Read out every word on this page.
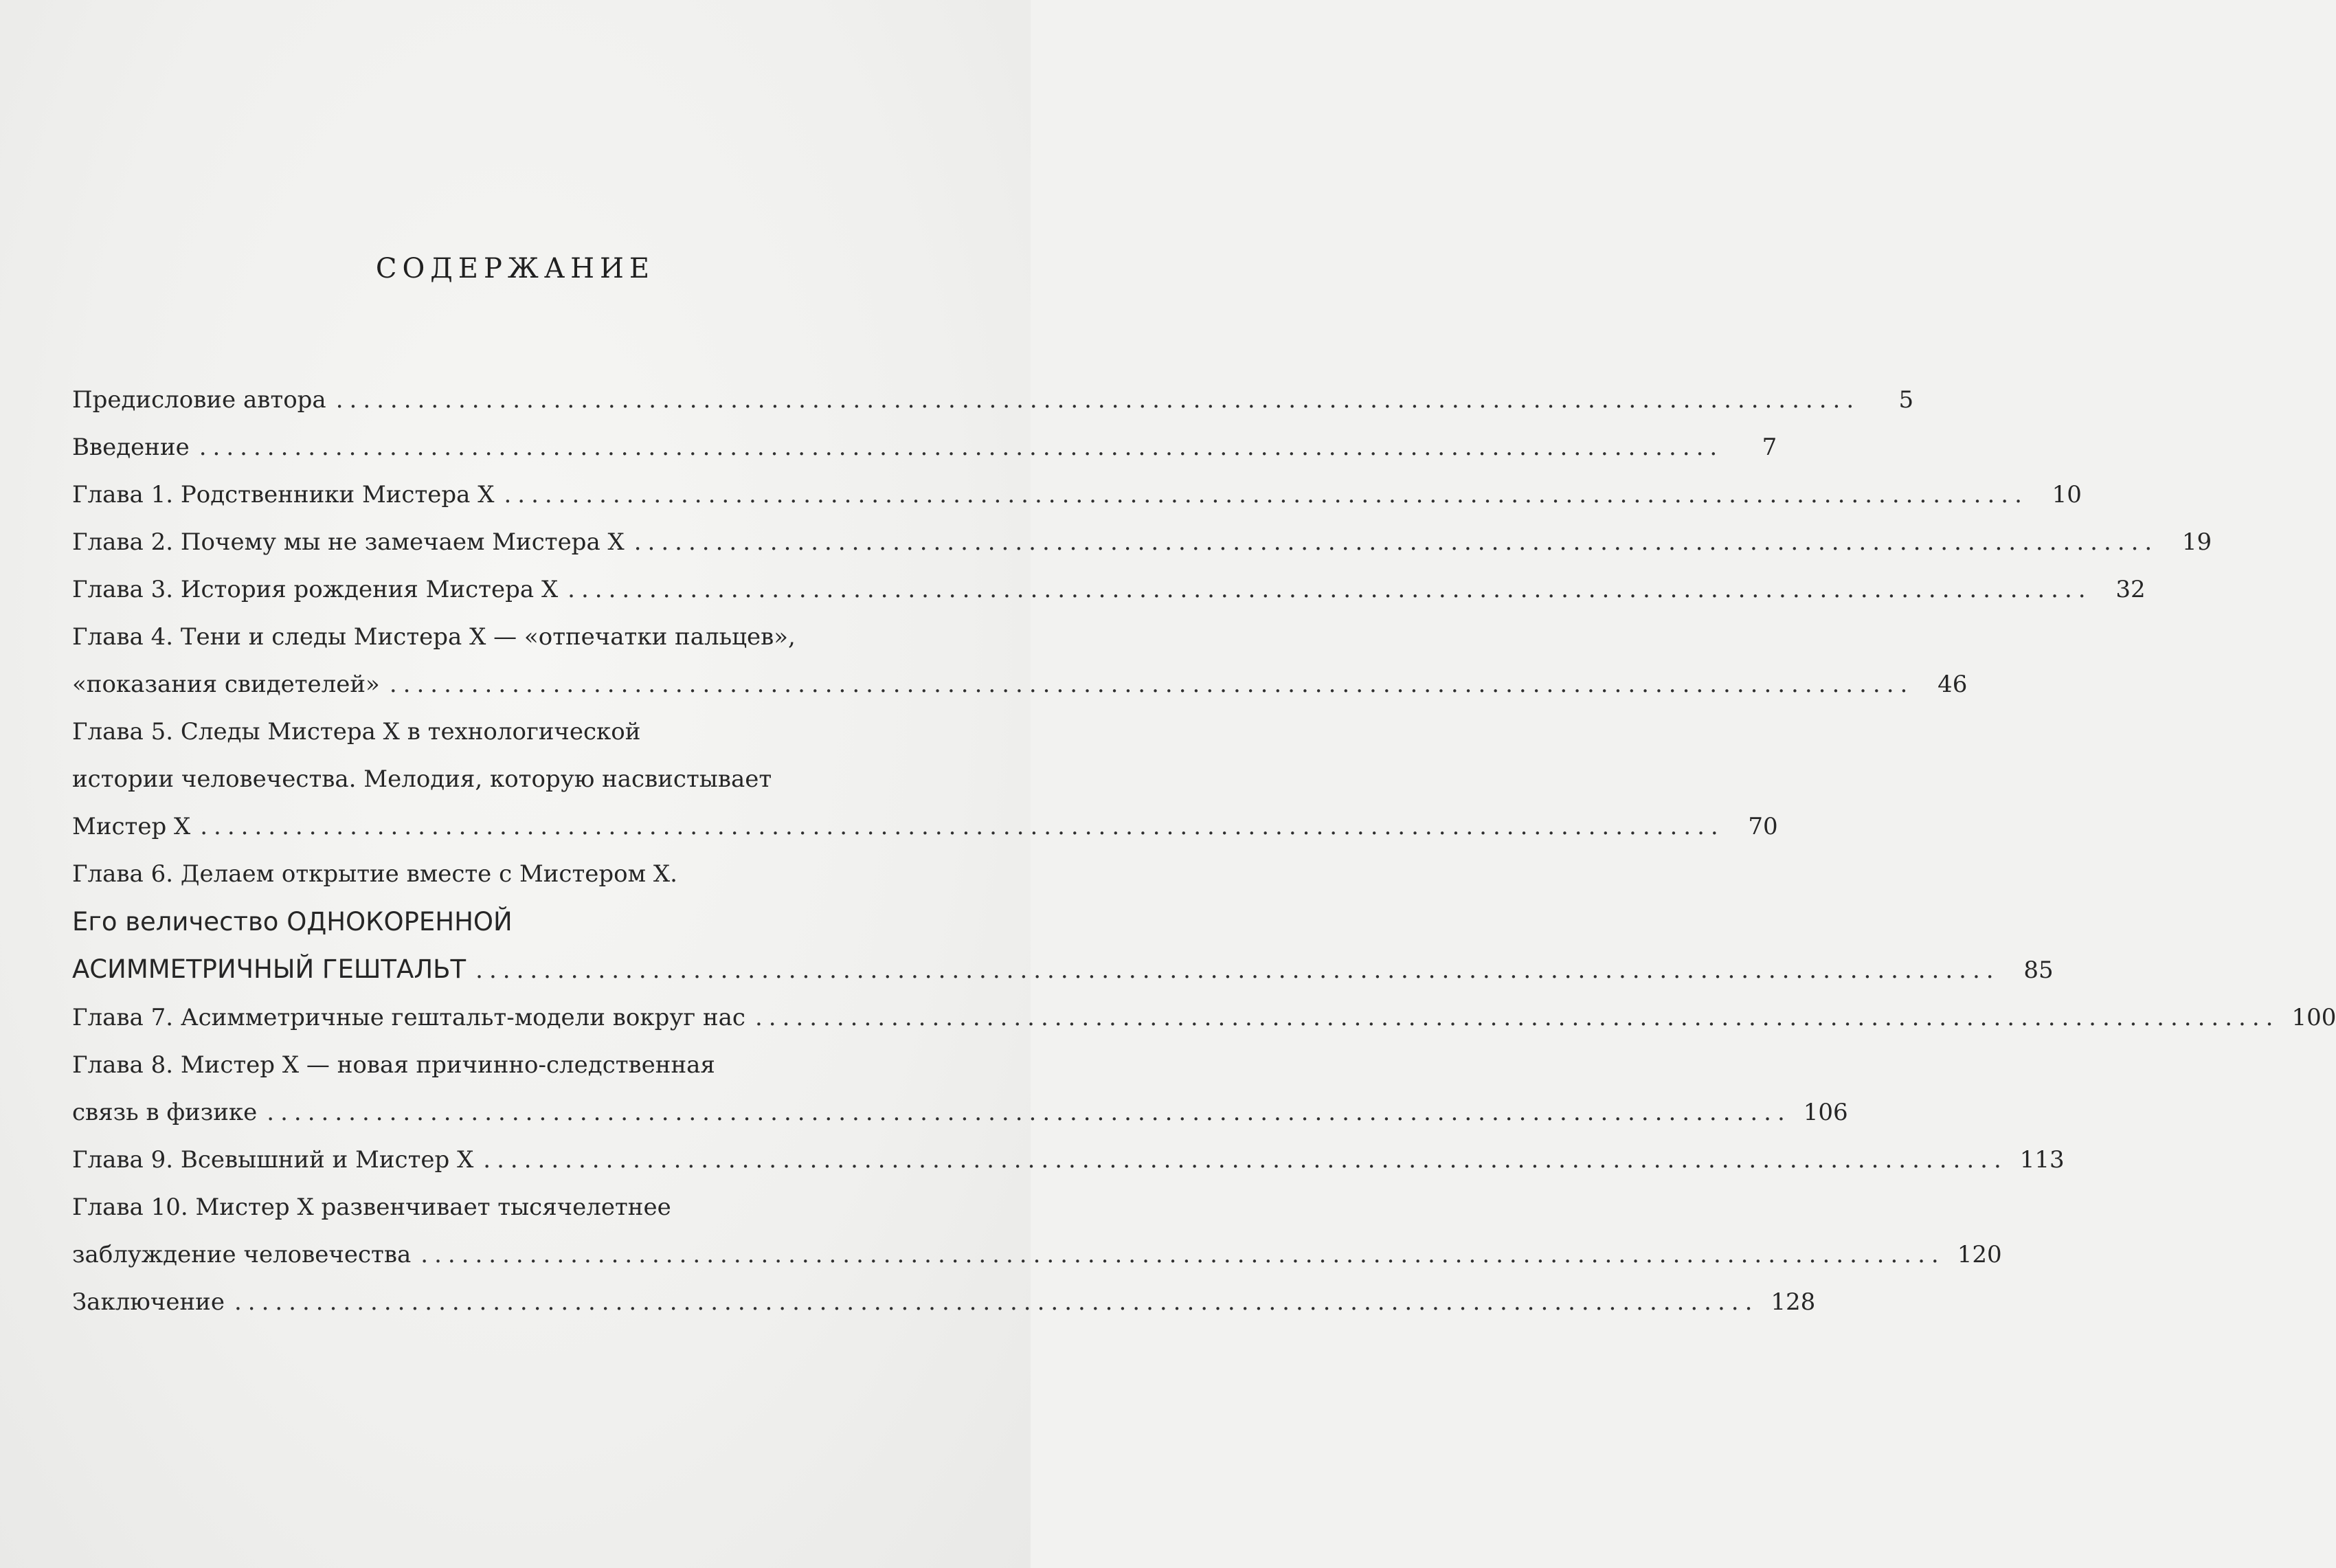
СОДЕРЖАНИЕ
Предисловие автора ................................................................................................................	5
Введение ................................................................................................................	7
Глава 1. Родственники Мистера Х ................................................................................................................	10
Глава 2. Почему мы не замечаем Мистера Х ................................................................................................................	19
Глава 3. История рождения Мистера Х ................................................................................................................	32
Глава 4. Тени и следы Мистера Х — «отпечатки пальцев»,
«показания свидетелей» ................................................................................................................	46
Глава 5. Следы Мистера Х в технологической
истории человечества. Мелодия, которую насвистывает
Мистер Х ................................................................................................................	70
Глава 6. Делаем открытие вместе с Мистером Х.
Его величество ОДНОКОРЕННОЙ
АСИММЕТРИЧНЫЙ ГЕШТАЛЬТ ................................................................................................................	85
Глава 7. Асимметричные гештальт-модели вокруг нас ................................................................................................................ 100
Глава 8. Мистер Х — новая причинно-следственная
связь в физике ................................................................................................................ 106
Глава 9. Всевышний и Мистер Х ................................................................................................................ 113
Глава 10. Мистер Х развенчивает тысячелетнее
заблуждение человечества ................................................................................................................ 120
Заключение ................................................................................................................ 128
